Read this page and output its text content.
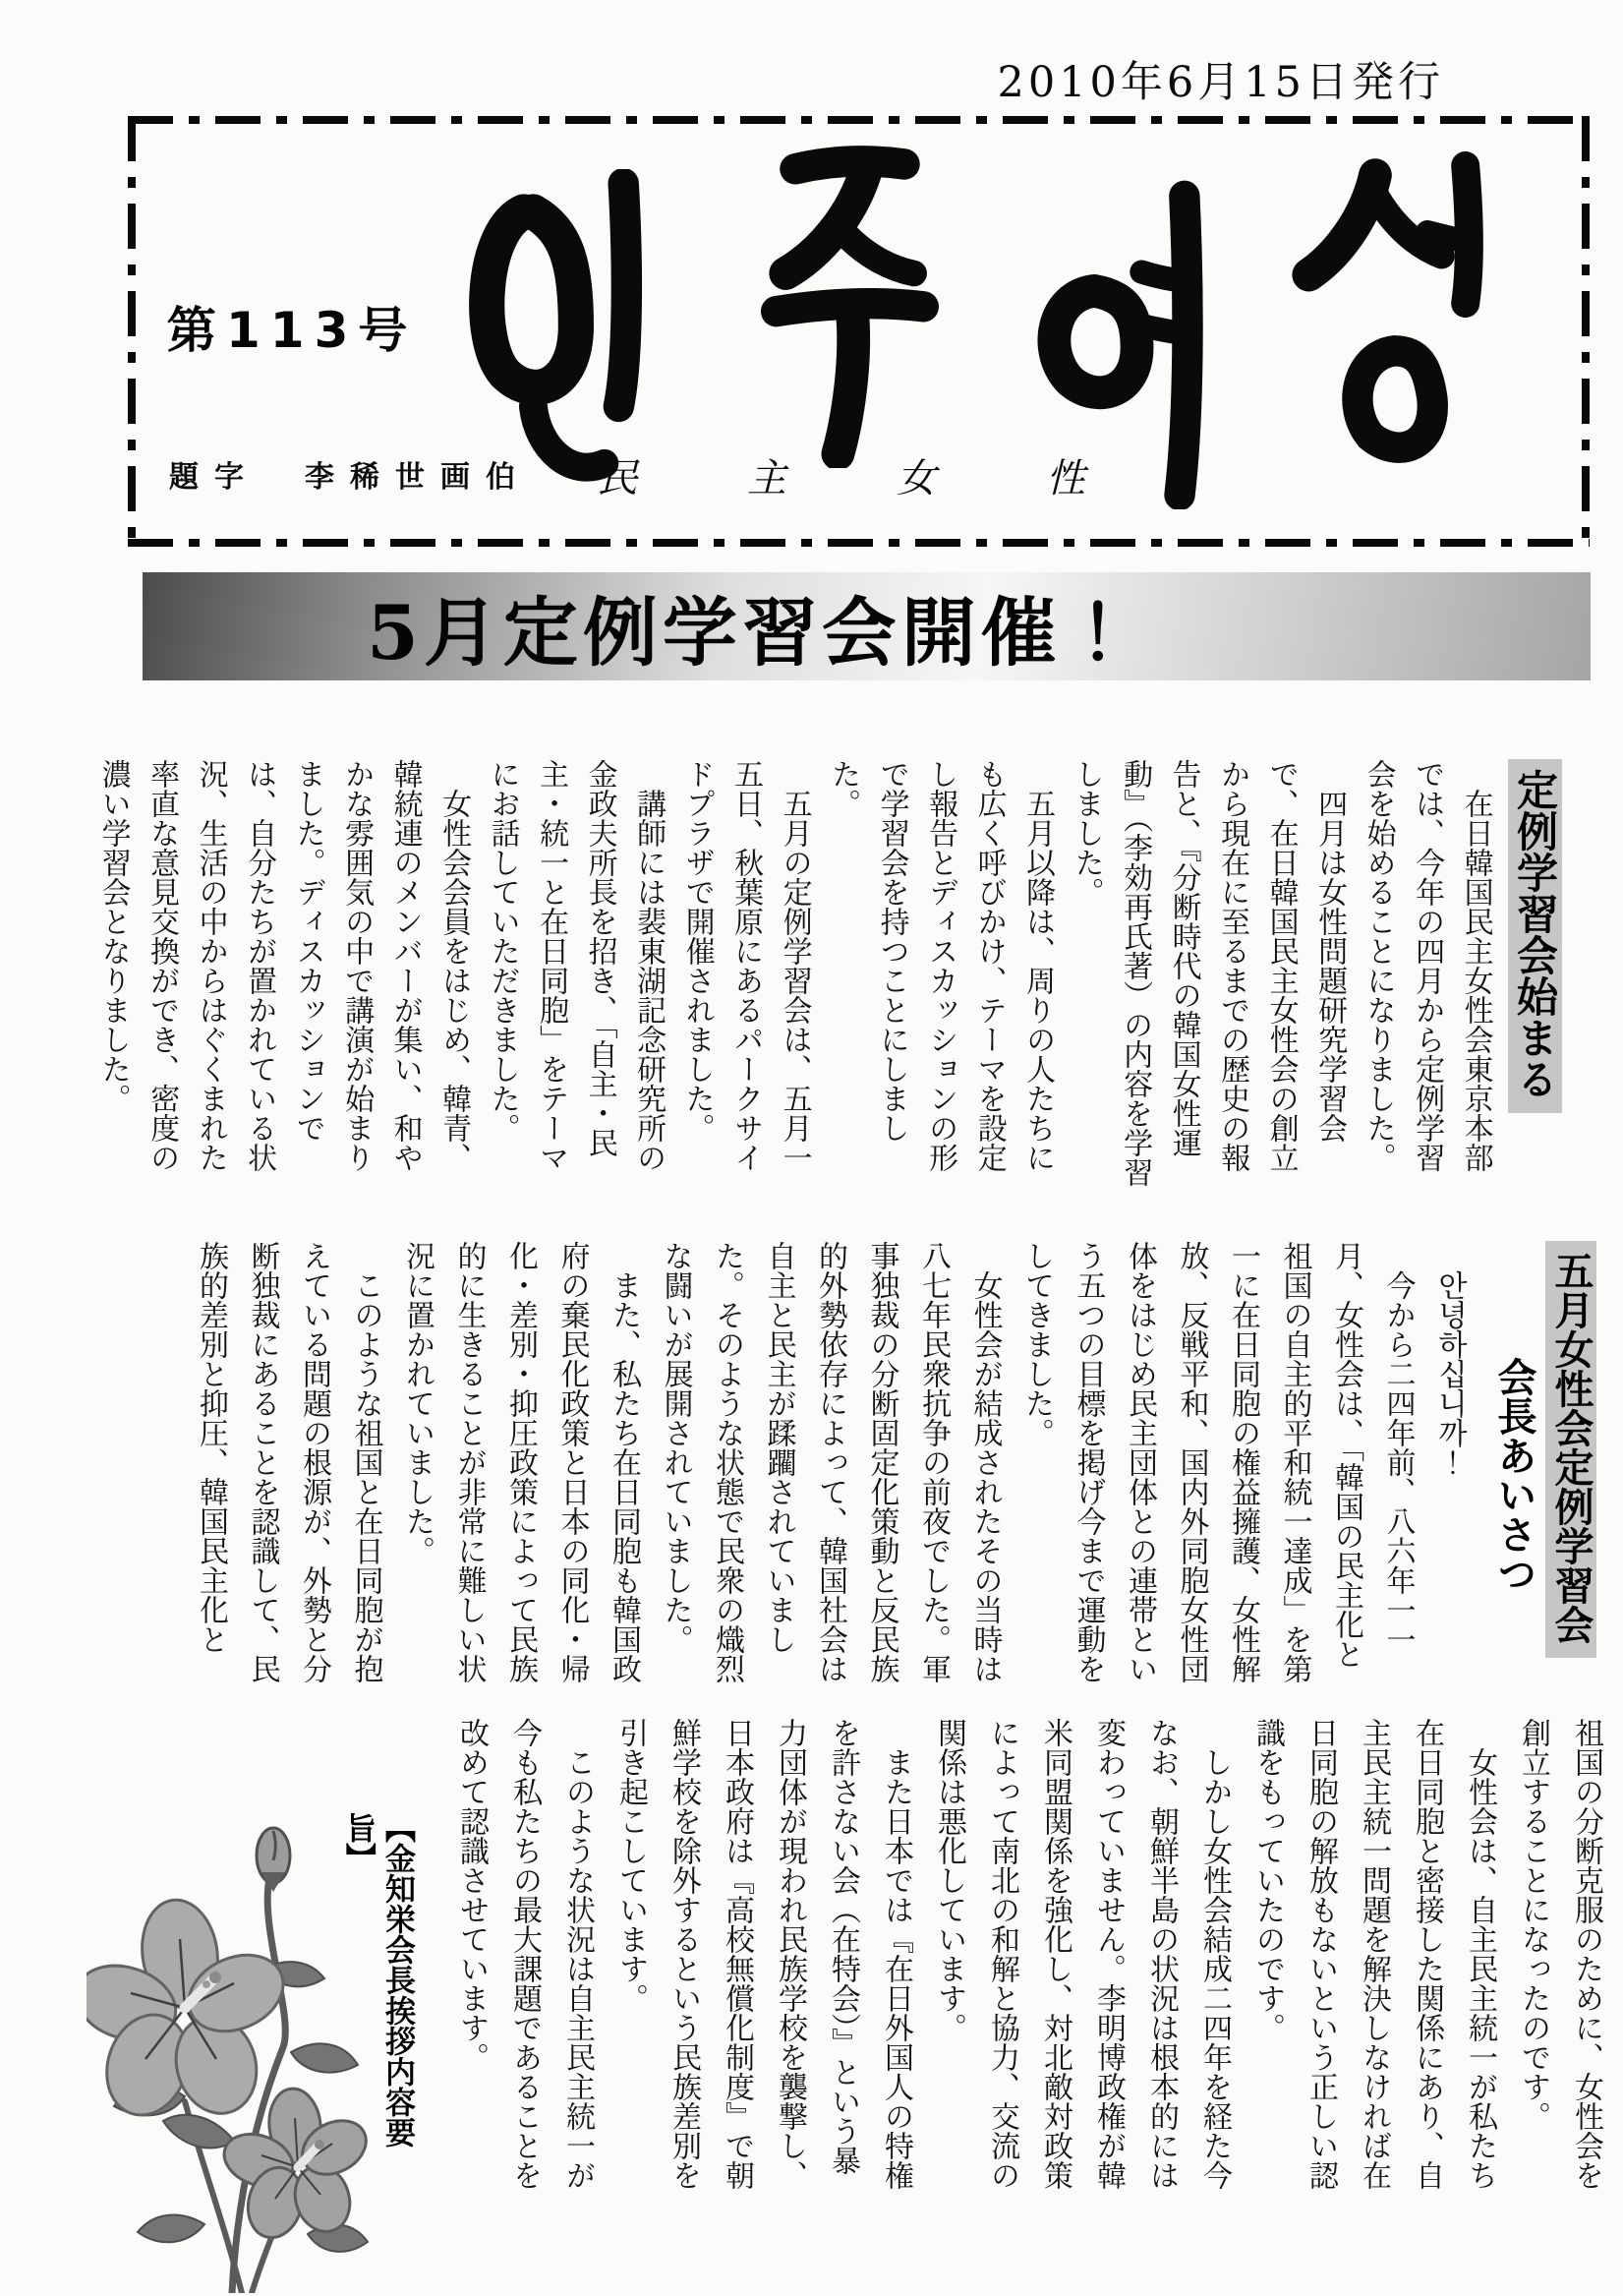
2010年6月15日発行
第113号
題字　李稀世画伯 民主女性
5月定例学習会開催！
定例学習会始まる

在日韓国民主女性会東京本部では、今年の四月から定例学習会を始めることになりました。

四月は女性問題研究学習会で、在日韓国民主女性会の創立から現在に至るまでの歴史の報告と、『分断時代の韓国女性運動』（李効再氏著）の内容を学習しました。

五月以降は、周りの人たちにも広く呼びかけ、テーマを設定し報告とディスカッションの形で学習会を持つことにしました。

五月の定例学習会は、五月一五日、秋葉原にあるパークサイドプラザで開催されました。

講師には裴東湖記念研究所の金政夫所長を招き、「自主・民主・統一と在日同胞」をテーマにお話していただきました。

女性会会員をはじめ、韓青、韓統連のメンバーが集い、和やかな雰囲気の中で講演が始まりました。ディスカッションでは、自分たちが置かれている状況、生活の中からはぐくまれた率直な意見交換ができ、密度の濃い学習会となりました。

五月女性会定例学習会
会長あいさつ

안녕하십니까！

今から二四年前、八六年一一月、女性会は、「韓国の民主化と祖国の自主的平和統一達成」を第一に在日同胞の権益擁護、女性解放、反戦平和、国内外同胞女性団体をはじめ民主団体との連帯という五つの目標を掲げ今まで運動をしてきました。

女性会が結成されたその当時は八七年民衆抗争の前夜でした。軍事独裁の分断固定化策動と反民族的外勢依存によって、韓国社会は自主と民主が蹂躙されていました。そのような状態で民衆の熾烈な闘いが展開されていました。

また、私たち在日同胞も韓国政府の棄民化政策と日本の同化・帰化・差別・抑圧政策によって民族的に生きることが非常に難しい状況に置かれていました。

このような祖国と在日同胞が抱えている問題の根源が、外勢と分断独裁にあることを認識して、民族的差別と抑圧、韓国民主化と

祖国の分断克服のために、女性会を創立することになったのです。

女性会は、自主民主統一が私たち在日同胞と密接した関係にあり、自主民主統一問題を解決しなければ在日同胞の解放もないという正しい認識をもっていたのです。

しかし女性会結成二四年を経た今なお、朝鮮半島の状況は根本的には変わっていません。李明博政権が韓米同盟関係を強化し、対北敵対政策によって南北の和解と協力、交流の関係は悪化しています。

また日本では『在日外国人の特権を許さない会（在特会）』という暴力団体が現われ民族学校を襲撃し、日本政府は『高校無償化制度』で朝鮮学校を除外するという民族差別を引き起こしています。

このような状況は自主民主統一が今も私たちの最大課題であることを改めて認識させています。

【金知栄会長挨拶内容要旨】
